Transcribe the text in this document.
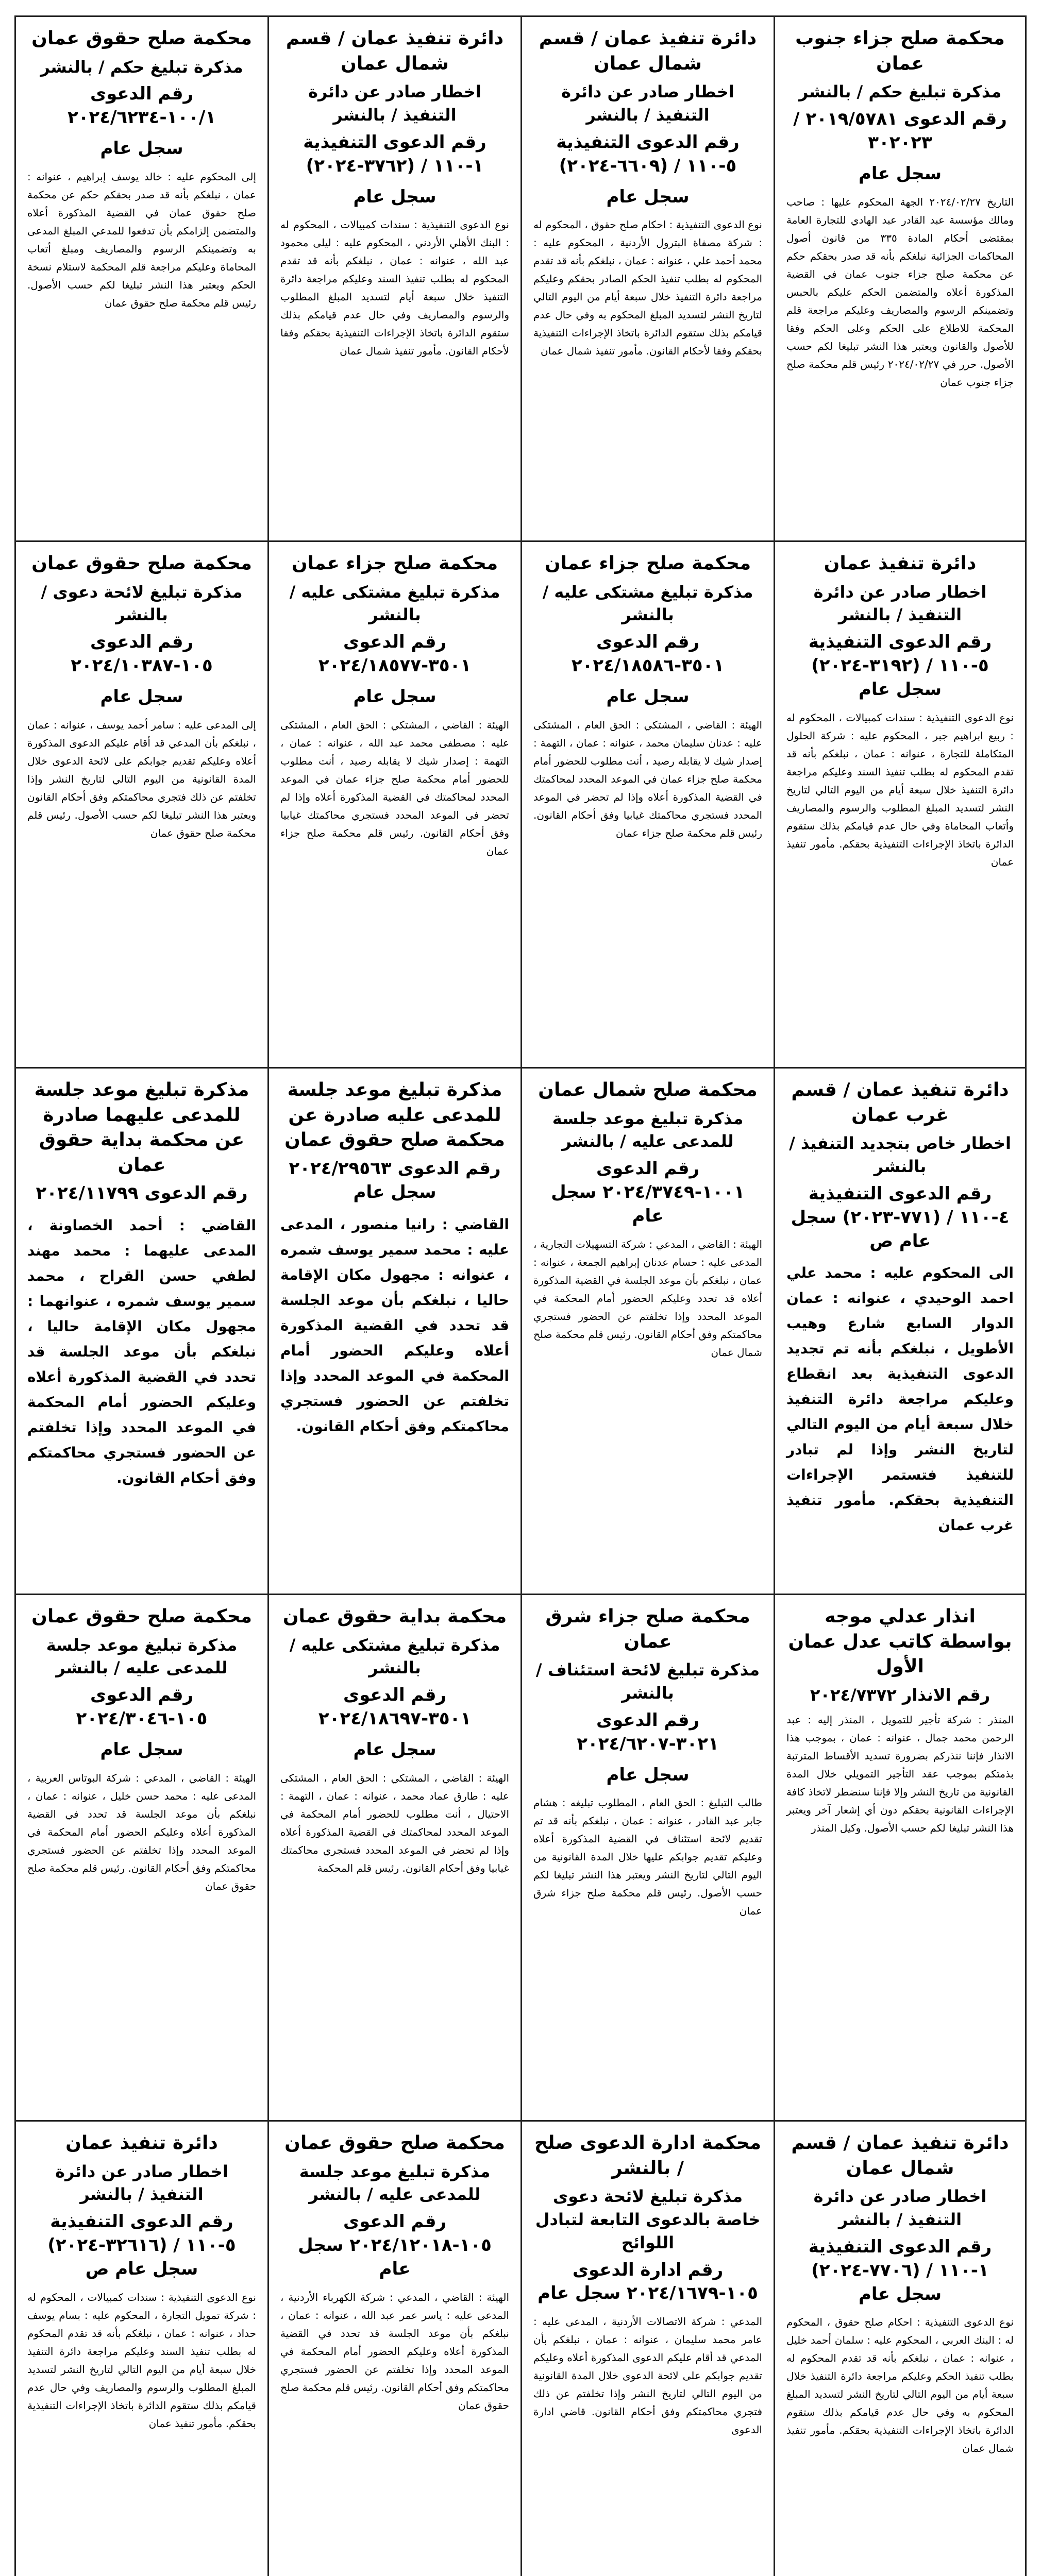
محكمة صلح جزاء جنوب عمان
مذكرة تبليغ حكم / بالنشر
رقم الدعوى ٢٠١٩/٥٧٨١ / ٣٠٢٠٢٣
سجل عام
التاريخ ٢٠٢٤/٠٢/٢٧ الجهة المحكوم عليها : صاحب ومالك مؤسسة عبد القادر عبد الهادي للتجارة العامة بمقتضى أحكام المادة ٣٣٥ من قانون أصول المحاكمات الجزائية نبلغكم بأنه قد صدر بحقكم حكم عن محكمة صلح جزاء جنوب عمان في القضية المذكورة أعلاه والمتضمن الحكم عليكم بالحبس وتضمينكم الرسوم والمصاريف وعليكم مراجعة قلم المحكمة للاطلاع على الحكم وعلى الحكم وفقا للأصول والقانون ويعتبر هذا النشر تبليغا لكم حسب الأصول. حرر في ٢٠٢٤/٠٢/٢٧ رئيس قلم محكمة صلح جزاء جنوب عمان
دائرة تنفيذ عمان / قسم شمال عمان
اخطار صادر عن دائرة التنفيذ / بالنشر
رقم الدعوى التنفيذية ٥-١١٠ / (٦٦٠٩-٢٠٢٤)
سجل عام
نوع الدعوى التنفيذية : احكام صلح حقوق ، المحكوم له : شركة مصفاة البترول الأردنية ، المحكوم عليه : محمد أحمد علي ، عنوانه : عمان ، نبلغكم بأنه قد تقدم المحكوم له بطلب تنفيذ الحكم الصادر بحقكم وعليكم مراجعة دائرة التنفيذ خلال سبعة أيام من اليوم التالي لتاريخ النشر لتسديد المبلغ المحكوم به وفي حال عدم قيامكم بذلك ستقوم الدائرة باتخاذ الإجراءات التنفيذية بحقكم وفقا لأحكام القانون. مأمور تنفيذ شمال عمان
دائرة تنفيذ عمان / قسم شمال عمان
اخطار صادر عن دائرة التنفيذ / بالنشر
رقم الدعوى التنفيذية ١-١١٠ / (٣٧٦٢-٢٠٢٤)
سجل عام
نوع الدعوى التنفيذية : سندات كمبيالات ، المحكوم له : البنك الأهلي الأردني ، المحكوم عليه : ليلى محمود عبد الله ، عنوانه : عمان ، نبلغكم بأنه قد تقدم المحكوم له بطلب تنفيذ السند وعليكم مراجعة دائرة التنفيذ خلال سبعة أيام لتسديد المبلغ المطلوب والرسوم والمصاريف وفي حال عدم قيامكم بذلك ستقوم الدائرة باتخاذ الإجراءات التنفيذية بحقكم وفقا لأحكام القانون. مأمور تنفيذ شمال عمان
محكمة صلح حقوق عمان
مذكرة تبليغ حكم / بالنشر
رقم الدعوى ١٠٠/١-٢٠٢٤/٦٢٣٤
سجل عام
إلى المحكوم عليه : خالد يوسف إبراهيم ، عنوانه : عمان ، نبلغكم بأنه قد صدر بحقكم حكم عن محكمة صلح حقوق عمان في القضية المذكورة أعلاه والمتضمن إلزامكم بأن تدفعوا للمدعي المبلغ المدعى به وتضمينكم الرسوم والمصاريف ومبلغ أتعاب المحاماة وعليكم مراجعة قلم المحكمة لاستلام نسخة الحكم ويعتبر هذا النشر تبليغا لكم حسب الأصول. رئيس قلم محكمة صلح حقوق عمان
دائرة تنفيذ عمان
اخطار صادر عن دائرة التنفيذ / بالنشر
رقم الدعوى التنفيذية ٥-١١٠ / (٣١٩٢-٢٠٢٤) سجل عام
نوع الدعوى التنفيذية : سندات كمبيالات ، المحكوم له : ربيع ابراهيم جبر ، المحكوم عليه : شركة الحلول المتكاملة للتجارة ، عنوانه : عمان ، نبلغكم بأنه قد تقدم المحكوم له بطلب تنفيذ السند وعليكم مراجعة دائرة التنفيذ خلال سبعة أيام من اليوم التالي لتاريخ النشر لتسديد المبلغ المطلوب والرسوم والمصاريف وأتعاب المحاماة وفي حال عدم قيامكم بذلك ستقوم الدائرة باتخاذ الإجراءات التنفيذية بحقكم. مأمور تنفيذ عمان
محكمة صلح جزاء عمان
مذكرة تبليغ مشتكى عليه / بالنشر
رقم الدعوى ٣٥٠١-٢٠٢٤/١٨٥٨٦
سجل عام
الهيئة : القاضي ، المشتكي : الحق العام ، المشتكى عليه : عدنان سليمان محمد ، عنوانه : عمان ، التهمة : إصدار شيك لا يقابله رصيد ، أنت مطلوب للحضور أمام محكمة صلح جزاء عمان في الموعد المحدد لمحاكمتك في القضية المذكورة أعلاه وإذا لم تحضر في الموعد المحدد فستجري محاكمتك غيابيا وفق أحكام القانون. رئيس قلم محكمة صلح جزاء عمان
محكمة صلح جزاء عمان
مذكرة تبليغ مشتكى عليه / بالنشر
رقم الدعوى ٣٥٠١-٢٠٢٤/١٨٥٧٧
سجل عام
الهيئة : القاضي ، المشتكي : الحق العام ، المشتكى عليه : مصطفى محمد عبد الله ، عنوانه : عمان ، التهمة : إصدار شيك لا يقابله رصيد ، أنت مطلوب للحضور أمام محكمة صلح جزاء عمان في الموعد المحدد لمحاكمتك في القضية المذكورة أعلاه وإذا لم تحضر في الموعد المحدد فستجري محاكمتك غيابيا وفق أحكام القانون. رئيس قلم محكمة صلح جزاء عمان
محكمة صلح حقوق عمان
مذكرة تبليغ لائحة دعوى / بالنشر
رقم الدعوى ١٠٥-٢٠٢٤/١٠٣٨٧
سجل عام
إلى المدعى عليه : سامر أحمد يوسف ، عنوانه : عمان ، نبلغكم بأن المدعي قد أقام عليكم الدعوى المذكورة أعلاه وعليكم تقديم جوابكم على لائحة الدعوى خلال المدة القانونية من اليوم التالي لتاريخ النشر وإذا تخلفتم عن ذلك فتجري محاكمتكم وفق أحكام القانون ويعتبر هذا النشر تبليغا لكم حسب الأصول. رئيس قلم محكمة صلح حقوق عمان
دائرة تنفيذ عمان / قسم غرب عمان
اخطار خاص بتجديد التنفيذ / بالنشر
رقم الدعوى التنفيذية ٤-١١٠ / (٧٧١-٢٠٢٣) سجل عام ص
الى المحكوم عليه : محمد علي احمد الوحيدي ، عنوانه : عمان الدوار السابع شارع وهيب الأطويل ، نبلغكم بأنه تم تجديد الدعوى التنفيذية بعد انقطاع وعليكم مراجعة دائرة التنفيذ خلال سبعة أيام من اليوم التالي لتاريخ النشر وإذا لم تبادر للتنفيذ فتستمر الإجراءات التنفيذية بحقكم. مأمور تنفيذ غرب عمان
محكمة صلح شمال عمان
مذكرة تبليغ موعد جلسة للمدعى عليه / بالنشر
رقم الدعوى ١٠٠١-٢٠٢٤/٣٧٤٩ سجل عام
الهيئة : القاضي ، المدعي : شركة التسهيلات التجارية ، المدعى عليه : حسام عدنان إبراهيم الجمعة ، عنوانه : عمان ، نبلغكم بأن موعد الجلسة في القضية المذكورة أعلاه قد تحدد وعليكم الحضور أمام المحكمة في الموعد المحدد وإذا تخلفتم عن الحضور فستجري محاكمتكم وفق أحكام القانون. رئيس قلم محكمة صلح شمال عمان
مذكرة تبليغ موعد جلسة للمدعى عليه صادرة عن محكمة صلح حقوق عمان
رقم الدعوى ٢٠٢٤/٢٩٥٦٣ سجل عام
القاضي : رانيا منصور ، المدعى عليه : محمد سمير يوسف شمره ، عنوانه : مجهول مكان الإقامة حاليا ، نبلغكم بأن موعد الجلسة قد تحدد في القضية المذكورة أعلاه وعليكم الحضور أمام المحكمة في الموعد المحدد وإذا تخلفتم عن الحضور فستجري محاكمتكم وفق أحكام القانون.
مذكرة تبليغ موعد جلسة للمدعى عليهما صادرة عن محكمة بداية حقوق عمان
رقم الدعوى ٢٠٢٤/١١٧٩٩
القاضي : أحمد الخصاونة ، المدعى عليهما : محمد مهند لطفي حسن القراح ، محمد سمير يوسف شمره ، عنوانهما : مجهول مكان الإقامة حاليا ، نبلغكم بأن موعد الجلسة قد تحدد في القضية المذكورة أعلاه وعليكم الحضور أمام المحكمة في الموعد المحدد وإذا تخلفتم عن الحضور فستجري محاكمتكم وفق أحكام القانون.
انذار عدلي موجه بواسطة كاتب عدل عمان الأول
رقم الانذار ٢٠٢٤/٧٣٧٢
المنذر : شركة تأجير للتمويل ، المنذر إليه : عبد الرحمن محمد جمال ، عنوانه : عمان ، بموجب هذا الانذار فإننا ننذركم بضرورة تسديد الأقساط المترتبة بذمتكم بموجب عقد التأجير التمويلي خلال المدة القانونية من تاريخ النشر وإلا فإننا سنضطر لاتخاذ كافة الإجراءات القانونية بحقكم دون أي إشعار آخر ويعتبر هذا النشر تبليغا لكم حسب الأصول. وكيل المنذر
محكمة صلح جزاء شرق عمان
مذكرة تبليغ لائحة استئناف / بالنشر
رقم الدعوى ٣٠٢١-٢٠٢٤/٦٢٠٧
سجل عام
طالب التبليغ : الحق العام ، المطلوب تبليغه : هشام جابر عبد القادر ، عنوانه : عمان ، نبلغكم بأنه قد تم تقديم لائحة استئناف في القضية المذكورة أعلاه وعليكم تقديم جوابكم عليها خلال المدة القانونية من اليوم التالي لتاريخ النشر ويعتبر هذا النشر تبليغا لكم حسب الأصول. رئيس قلم محكمة صلح جزاء شرق عمان
محكمة بداية حقوق عمان
مذكرة تبليغ مشتكى عليه / بالنشر
رقم الدعوى ٣٥٠١-٢٠٢٤/١٨٦٩٧
سجل عام
الهيئة : القاضي ، المشتكي : الحق العام ، المشتكى عليه : طارق عماد محمد ، عنوانه : عمان ، التهمة : الاحتيال ، أنت مطلوب للحضور أمام المحكمة في الموعد المحدد لمحاكمتك في القضية المذكورة أعلاه وإذا لم تحضر في الموعد المحدد فستجري محاكمتك غيابيا وفق أحكام القانون. رئيس قلم المحكمة
محكمة صلح حقوق عمان
مذكرة تبليغ موعد جلسة للمدعى عليه / بالنشر
رقم الدعوى ١٠٥-٢٠٢٤/٣٠٤٦
سجل عام
الهيئة : القاضي ، المدعي : شركة البوتاس العربية ، المدعى عليه : محمد حسن خليل ، عنوانه : عمان ، نبلغكم بأن موعد الجلسة قد تحدد في القضية المذكورة أعلاه وعليكم الحضور أمام المحكمة في الموعد المحدد وإذا تخلفتم عن الحضور فستجري محاكمتكم وفق أحكام القانون. رئيس قلم محكمة صلح حقوق عمان
دائرة تنفيذ عمان / قسم شمال عمان
اخطار صادر عن دائرة التنفيذ / بالنشر
رقم الدعوى التنفيذية ١-١١٠ / (٧٧٠٦-٢٠٢٤) سجل عام
نوع الدعوى التنفيذية : احكام صلح حقوق ، المحكوم له : البنك العربي ، المحكوم عليه : سلمان أحمد خليل ، عنوانه : عمان ، نبلغكم بأنه قد تقدم المحكوم له بطلب تنفيذ الحكم وعليكم مراجعة دائرة التنفيذ خلال سبعة أيام من اليوم التالي لتاريخ النشر لتسديد المبلغ المحكوم به وفي حال عدم قيامكم بذلك ستقوم الدائرة باتخاذ الإجراءات التنفيذية بحقكم. مأمور تنفيذ شمال عمان
محكمة ادارة الدعوى صلح / بالنشر
مذكرة تبليغ لائحة دعوى خاصة بالدعوى التابعة لتبادل اللوائح
رقم ادارة الدعوى ١٠٥-٢٠٢٤/١٦٧٩ سجل عام
المدعي : شركة الاتصالات الأردنية ، المدعى عليه : عامر محمد سليمان ، عنوانه : عمان ، نبلغكم بأن المدعي قد أقام عليكم الدعوى المذكورة أعلاه وعليكم تقديم جوابكم على لائحة الدعوى خلال المدة القانونية من اليوم التالي لتاريخ النشر وإذا تخلفتم عن ذلك فتجري محاكمتكم وفق أحكام القانون. قاضي ادارة الدعوى
محكمة صلح حقوق عمان
مذكرة تبليغ موعد جلسة للمدعى عليه / بالنشر
رقم الدعوى ١٠٥-٢٠٢٤/١٢٠١٨ سجل عام
الهيئة : القاضي ، المدعي : شركة الكهرباء الأردنية ، المدعى عليه : ياسر عمر عبد الله ، عنوانه : عمان ، نبلغكم بأن موعد الجلسة قد تحدد في القضية المذكورة أعلاه وعليكم الحضور أمام المحكمة في الموعد المحدد وإذا تخلفتم عن الحضور فستجري محاكمتكم وفق أحكام القانون. رئيس قلم محكمة صلح حقوق عمان
دائرة تنفيذ عمان
اخطار صادر عن دائرة التنفيذ / بالنشر
رقم الدعوى التنفيذية ٥-١١٠ / (٣٢٦١٦-٢٠٢٤) سجل عام ص
نوع الدعوى التنفيذية : سندات كمبيالات ، المحكوم له : شركة تمويل التجارة ، المحكوم عليه : بسام يوسف حداد ، عنوانه : عمان ، نبلغكم بأنه قد تقدم المحكوم له بطلب تنفيذ السند وعليكم مراجعة دائرة التنفيذ خلال سبعة أيام من اليوم التالي لتاريخ النشر لتسديد المبلغ المطلوب والرسوم والمصاريف وفي حال عدم قيامكم بذلك ستقوم الدائرة باتخاذ الإجراءات التنفيذية بحقكم. مأمور تنفيذ عمان
